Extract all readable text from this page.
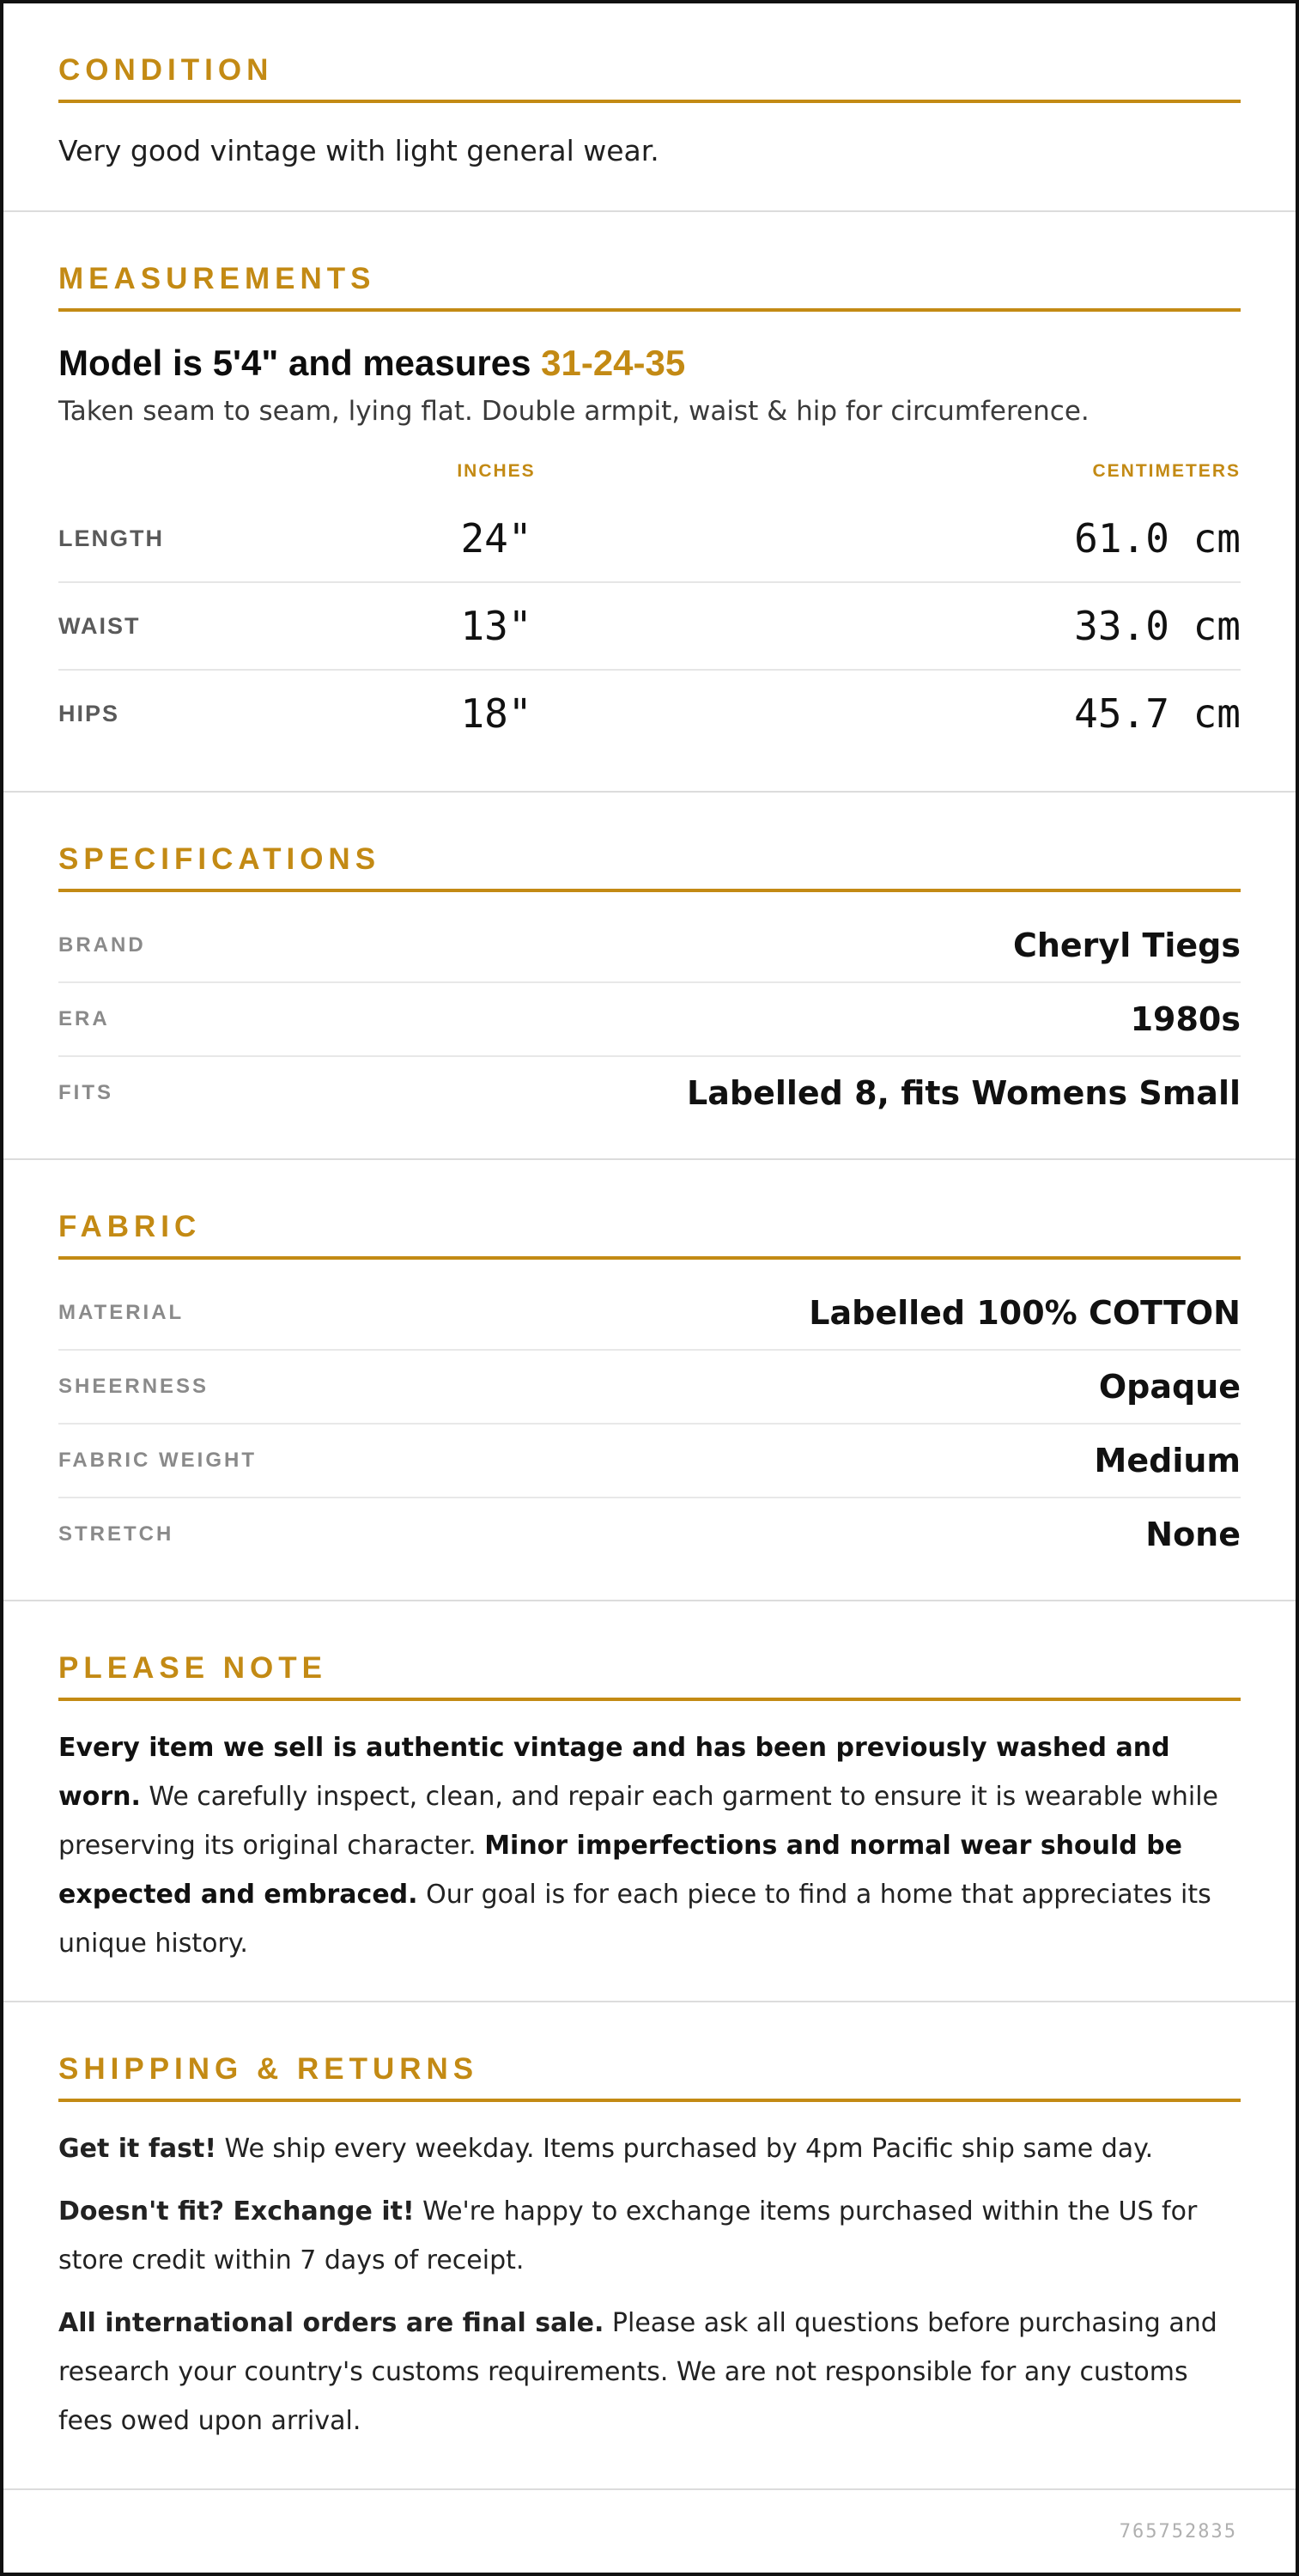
CONDITION
Very good vintage with light general wear.
MEASUREMENTS
Model is 5'4" and measures 31-24-35
Taken seam to seam, lying flat. Double armpit, waist & hip for circumference.
INCHES	CENTIMETERS
LENGTH	24"	61.0 cm
WAIST	13"	33.0 cm
HIPS	18"	45.7 cm
SPECIFICATIONS
BRAND	Cheryl Tiegs
ERA	1980s
FITS	Labelled 8, fits Womens Small
FABRIC
MATERIAL	Labelled 100% COTTON
SHEERNESS	Opaque
FABRIC WEIGHT	Medium
STRETCH	None
PLEASE NOTE

Every item we sell is authentic vintage and has been previously washed and worn. We carefully inspect, clean, and repair each garment to ensure it is wearable while preserving its original character. Minor imperfections and normal wear should be expected and embraced. Our goal is for each piece to find a home that appreciates its unique history.

SHIPPING & RETURNS

Get it fast! We ship every weekday. Items purchased by 4pm Pacific ship same day.

Doesn't fit? Exchange it! We're happy to exchange items purchased within the US for store credit within 7 days of receipt.

All international orders are final sale. Please ask all questions before purchasing and research your country's customs requirements. We are not responsible for any customs fees owed upon arrival.

765752835
